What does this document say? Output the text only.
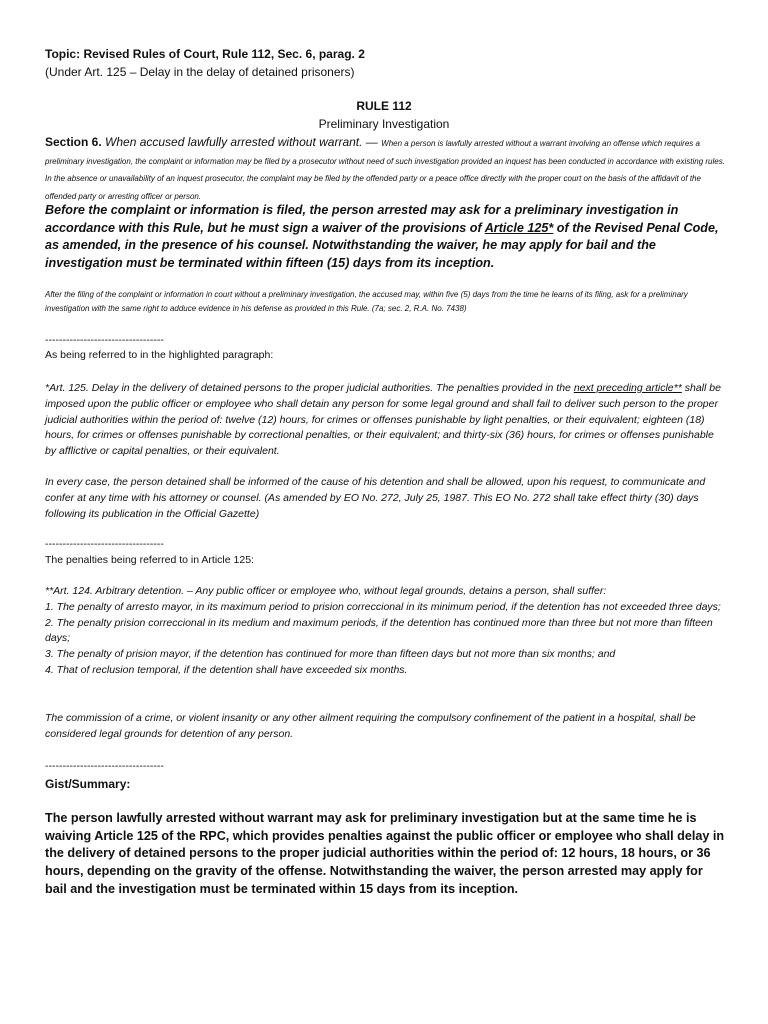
Topic: Revised Rules of Court, Rule 112, Sec. 6, parag. 2
(Under Art. 125 – Delay in the delay of detained prisoners)
RULE 112
Preliminary Investigation

Section 6. When accused lawfully arrested without warrant. — When a person is lawfully arrested without a warrant involving an offense which requires a preliminary investigation, the complaint or information may be filed by a prosecutor without need of such investigation provided an inquest has been conducted in accordance with existing rules. In the absence or unavailability of an inquest prosecutor, the complaint may be filed by the offended party or a peace office directly with the proper court on the basis of the affidavit of the offended party or arresting officer or person.

Before the complaint or information is filed, the person arrested may ask for a preliminary investigation in accordance with this Rule, but he must sign a waiver of the provisions of Article 125* of the Revised Penal Code, as amended, in the presence of his counsel. Notwithstanding the waiver, he may apply for bail and the investigation must be terminated within fifteen (15) days from its inception.

After the filing of the complaint or information in court without a preliminary investigation, the accused may, within five (5) days from the time he learns of its filing, ask for a preliminary investigation with the same right to adduce evidence in his defense as provided in this Rule. (7a; sec. 2, R.A. No. 7438)

----------------------------------
As being referred to in the highlighted paragraph:

*Art. 125. Delay in the delivery of detained persons to the proper judicial authorities. The penalties provided in the next preceding article** shall be imposed upon the public officer or employee who shall detain any person for some legal ground and shall fail to deliver such person to the proper judicial authorities within the period of: twelve (12) hours, for crimes or offenses punishable by light penalties, or their equivalent; eighteen (18) hours, for crimes or offenses punishable by correctional penalties, or their equivalent; and thirty-six (36) hours, for crimes or offenses punishable by afflictive or capital penalties, or their equivalent.

In every case, the person detained shall be informed of the cause of his detention and shall be allowed, upon his request, to communicate and confer at any time with his attorney or counsel. (As amended by EO No. 272, July 25, 1987. This EO No. 272 shall take effect thirty (30) days following its publication in the Official Gazette)

----------------------------------
The penalties being referred to in Article 125:
**Art. 124. Arbitrary detention. – Any public officer or employee who, without legal grounds, detains a person, shall suffer:
1. The penalty of arresto mayor, in its maximum period to prision correccional in its minimum period, if the detention has not exceeded three days;
2. The penalty prision correccional in its medium and maximum periods, if the detention has continued more than three but not more than fifteen days;
3. The penalty of prision mayor, if the detention has continued for more than fifteen days but not more than six months; and
4. That of reclusion temporal, if the detention shall have exceeded six months.

The commission of a crime, or violent insanity or any other ailment requiring the compulsory confinement of the patient in a hospital, shall be considered legal grounds for detention of any person.

----------------------------------
Gist/Summary:

The person lawfully arrested without warrant may ask for preliminary investigation but at the same time he is waiving Article 125 of the RPC, which provides penalties against the public officer or employee who shall delay in the delivery of detained persons to the proper judicial authorities within the period of: 12 hours, 18 hours, or 36 hours, depending on the gravity of the offense. Notwithstanding the waiver, the person arrested may apply for bail and the investigation must be terminated within 15 days from its inception.
